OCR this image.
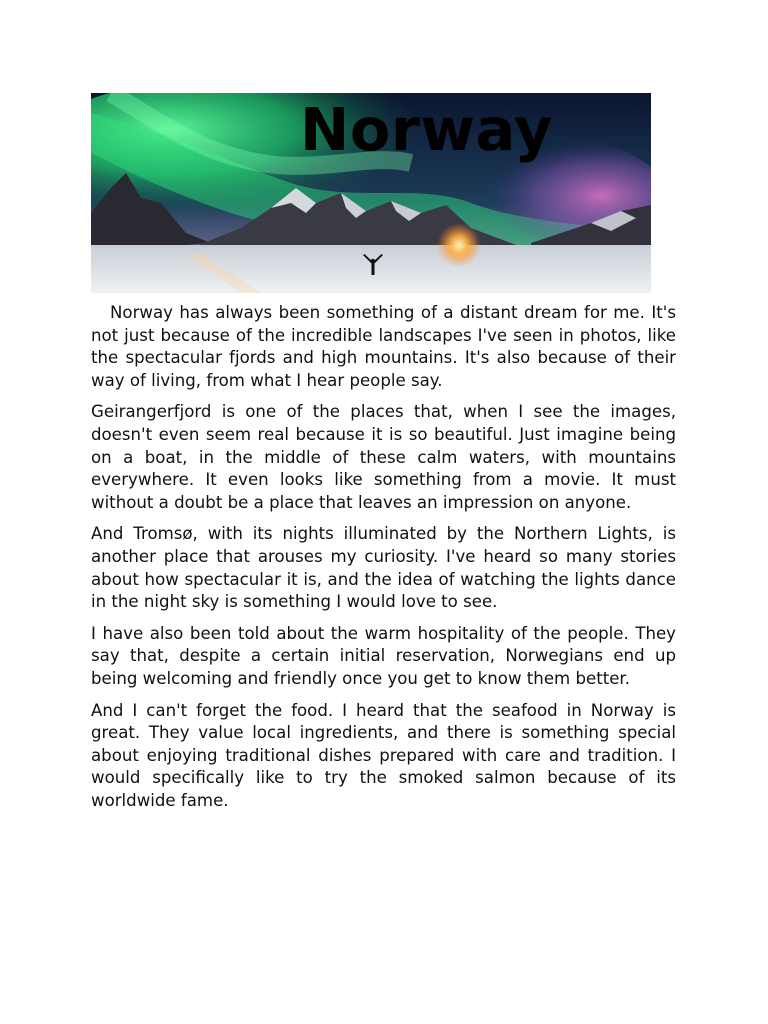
Norway

Norway has always been something of a distant dream for me. It's not just because of the incredible landscapes I've seen in photos, like the spectacular fjords and high mountains. It's also because of their way of living, from what I hear people say.

Geirangerfjord is one of the places that, when I see the images, doesn't even seem real because it is so beautiful. Just imagine being on a boat, in the middle of these calm waters, with mountains everywhere. It even looks like something from a movie. It must without a doubt be a place that leaves an impression on anyone.

And Tromsø, with its nights illuminated by the Northern Lights, is another place that arouses my curiosity. I've heard so many stories about how spectacular it is, and the idea of watching the lights dance in the night sky is something I would love to see.

I have also been told about the warm hospitality of the people. They say that, despite a certain initial reservation, Norwegians end up being welcoming and friendly once you get to know them better.

And I can't forget the food. I heard that the seafood in Norway is great. They value local ingredients, and there is something special about enjoying traditional dishes prepared with care and tradition. I would specifically like to try the smoked salmon because of its worldwide fame.
